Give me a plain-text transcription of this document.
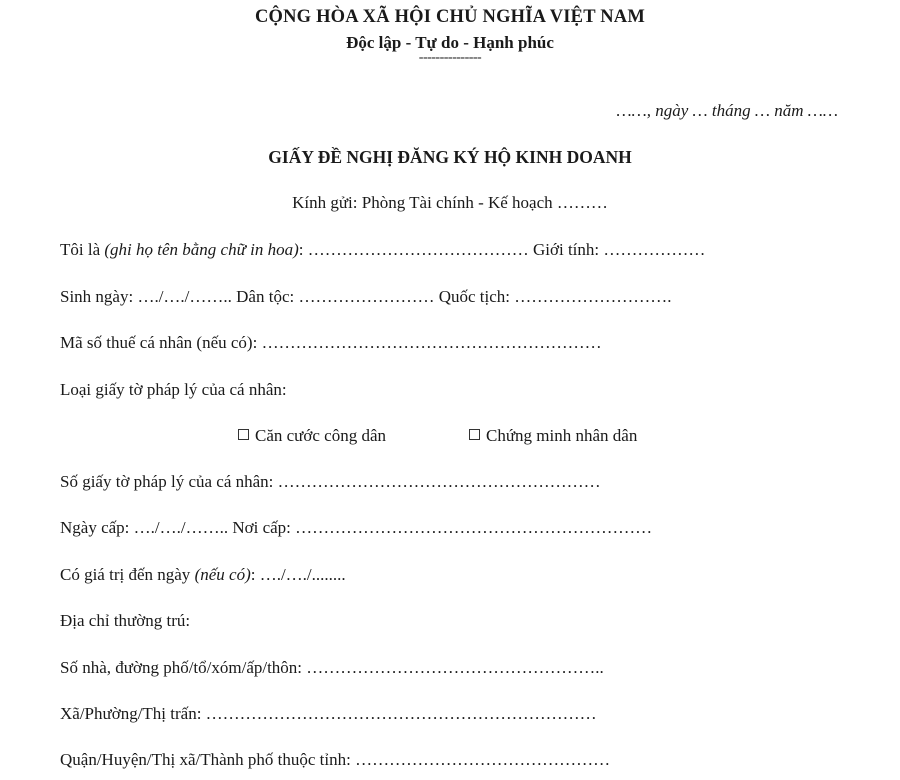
CỘNG HÒA XÃ HỘI CHỦ NGHĨA VIỆT NAM
Độc lập - Tự do - Hạnh phúc
---------------
……, ngày … tháng … năm ……
GIẤY ĐỀ NGHỊ ĐĂNG KÝ HỘ KINH DOANH
Kính gửi: Phòng Tài chính - Kế hoạch ………
Tôi là (ghi họ tên bằng chữ in hoa): ………………………………… Giới tính: ………………
Sinh ngày: …./…./…….. Dân tộc: …………………… Quốc tịch: ……………………….
Mã số thuế cá nhân (nếu có): ……………………………………………………
Loại giấy tờ pháp lý của cá nhân:
Căn cước công dân	Chứng minh nhân dân
Số giấy tờ pháp lý của cá nhân: …………………………………………………
Ngày cấp: …./…./…….. Nơi cấp: ………………………………………………………
Có giá trị đến ngày (nếu có): …./…./........
Địa chỉ thường trú:
Số nhà, đường phố/tổ/xóm/ấp/thôn: ……………………………………………..
Xã/Phường/Thị trấn: ……………………………………………………………
Quận/Huyện/Thị xã/Thành phố thuộc tỉnh: ………………………………………
